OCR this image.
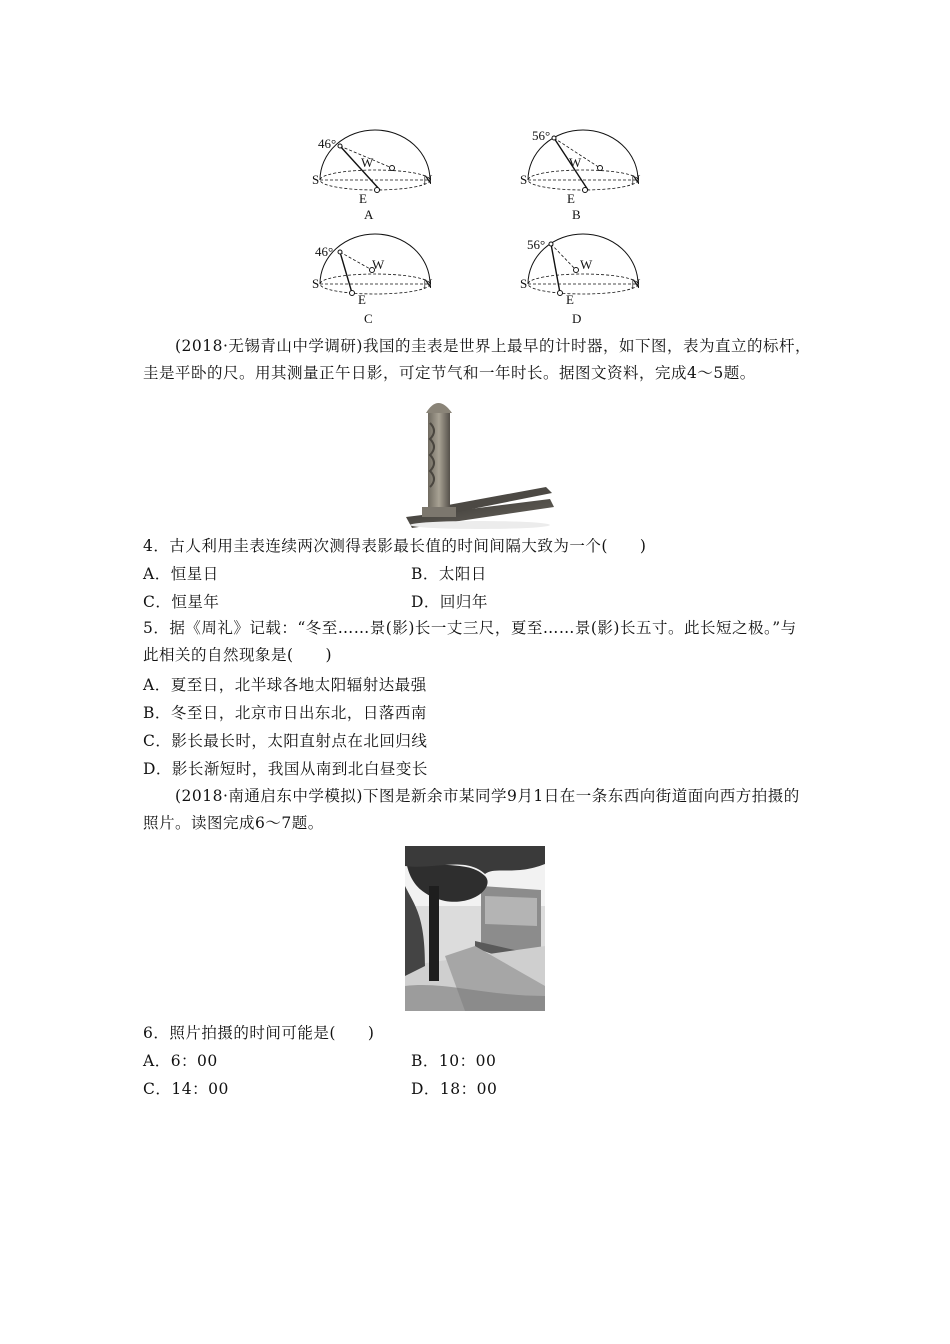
46°
W
S	N
E
A
56°
W
S	N
E
B
46°
W
S	N
E
C
56°
W
S	N
E
D
(2018·无锡青山中学调研)我国的圭表是世界上最早的计时器，如下图，表为直立的标杆，圭是平卧的尺。用其测量正午日影，可定节气和一年时长。据图文资料，完成4～5题。
4．古人利用圭表连续两次测得表影最长值的时间间隔大致为一个(　　)
A．恒星日	B．太阳日
C．恒星年	D．回归年
5．据《周礼》记载：“冬至……景(影)长一丈三尺，夏至……景(影)长五寸。此长短之极。”与此相关的自然现象是(　　)
A．夏至日，北半球各地太阳辐射达最强
B．冬至日，北京市日出东北，日落西南
C．影长最长时，太阳直射点在北回归线
D．影长渐短时，我国从南到北白昼变长
(2018·南通启东中学模拟)下图是新余市某同学9月1日在一条东西向街道面向西方拍摄的照片。读图完成6～7题。
6．照片拍摄的时间可能是(　　)
A．6：00	B．10：00
C．14：00	D．18：00
